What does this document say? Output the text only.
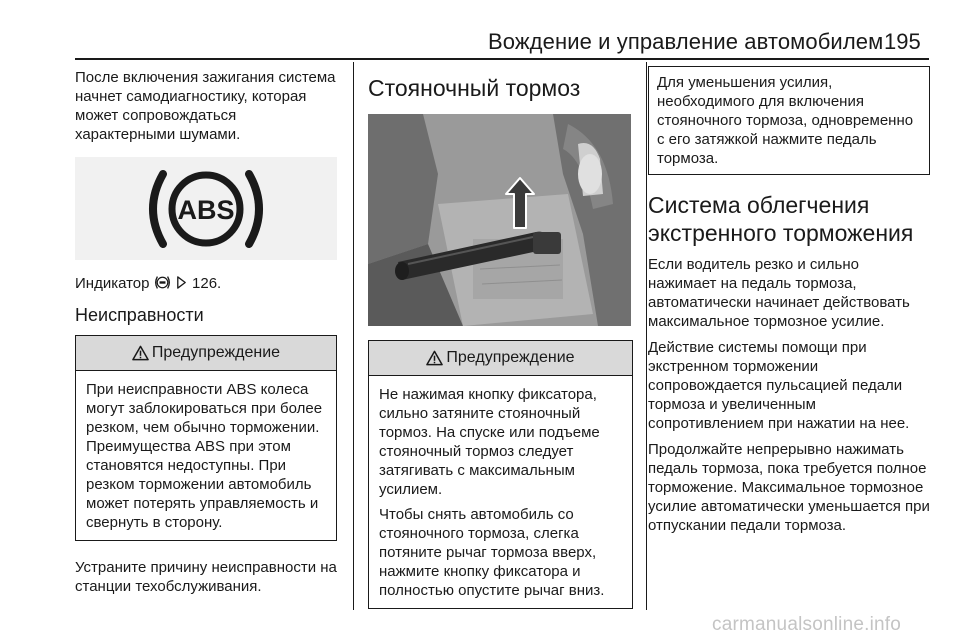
Вождение и управление автомобилем 195

После включения зажигания система начнет самодиагностику, которая может сопровождаться характерными шумами.

ABS

Индикатор	126.

Неисправности
Предупреждение

При неисправности ABS колеса могут заблокироваться при более резком, чем обычно торможении. Преимущества ABS при этом становятся недоступны. При резком торможении автомобиль может потерять управляемость и свернуть в сторону.

Устраните причину неисправности на станции техобслуживания.

Стояночный тормоз
Предупреждение

Не нажимая кнопку фиксатора, сильно затяните стояночный тормоз. На спуске или подъеме стояночный тормоз следует затягивать с максимальным усилием.

Чтобы снять автомобиль со стояночного тормоза, слегка потяните рычаг тормоза вверх, нажмите кнопку фиксатора и полностью опустите рычаг вниз.

Для уменьшения усилия, необходимого для включения стояночного тормоза, одновременно с его затяжкой нажмите педаль тормоза.

Система облегчения экстренного торможения

Если водитель резко и сильно нажимает на педаль тормоза, автоматически начинает действовать максимальное тормозное усилие.

Действие системы помощи при экстренном торможении сопровождается пульсацией педали тормоза и увеличенным сопротивлением при нажатии на нее.

Продолжайте непрерывно нажимать педаль тормоза, пока требуется полное торможение. Максимальное тормозное усилие автоматически уменьшается при отпускании педали тормоза.

carmanualsonline.info
